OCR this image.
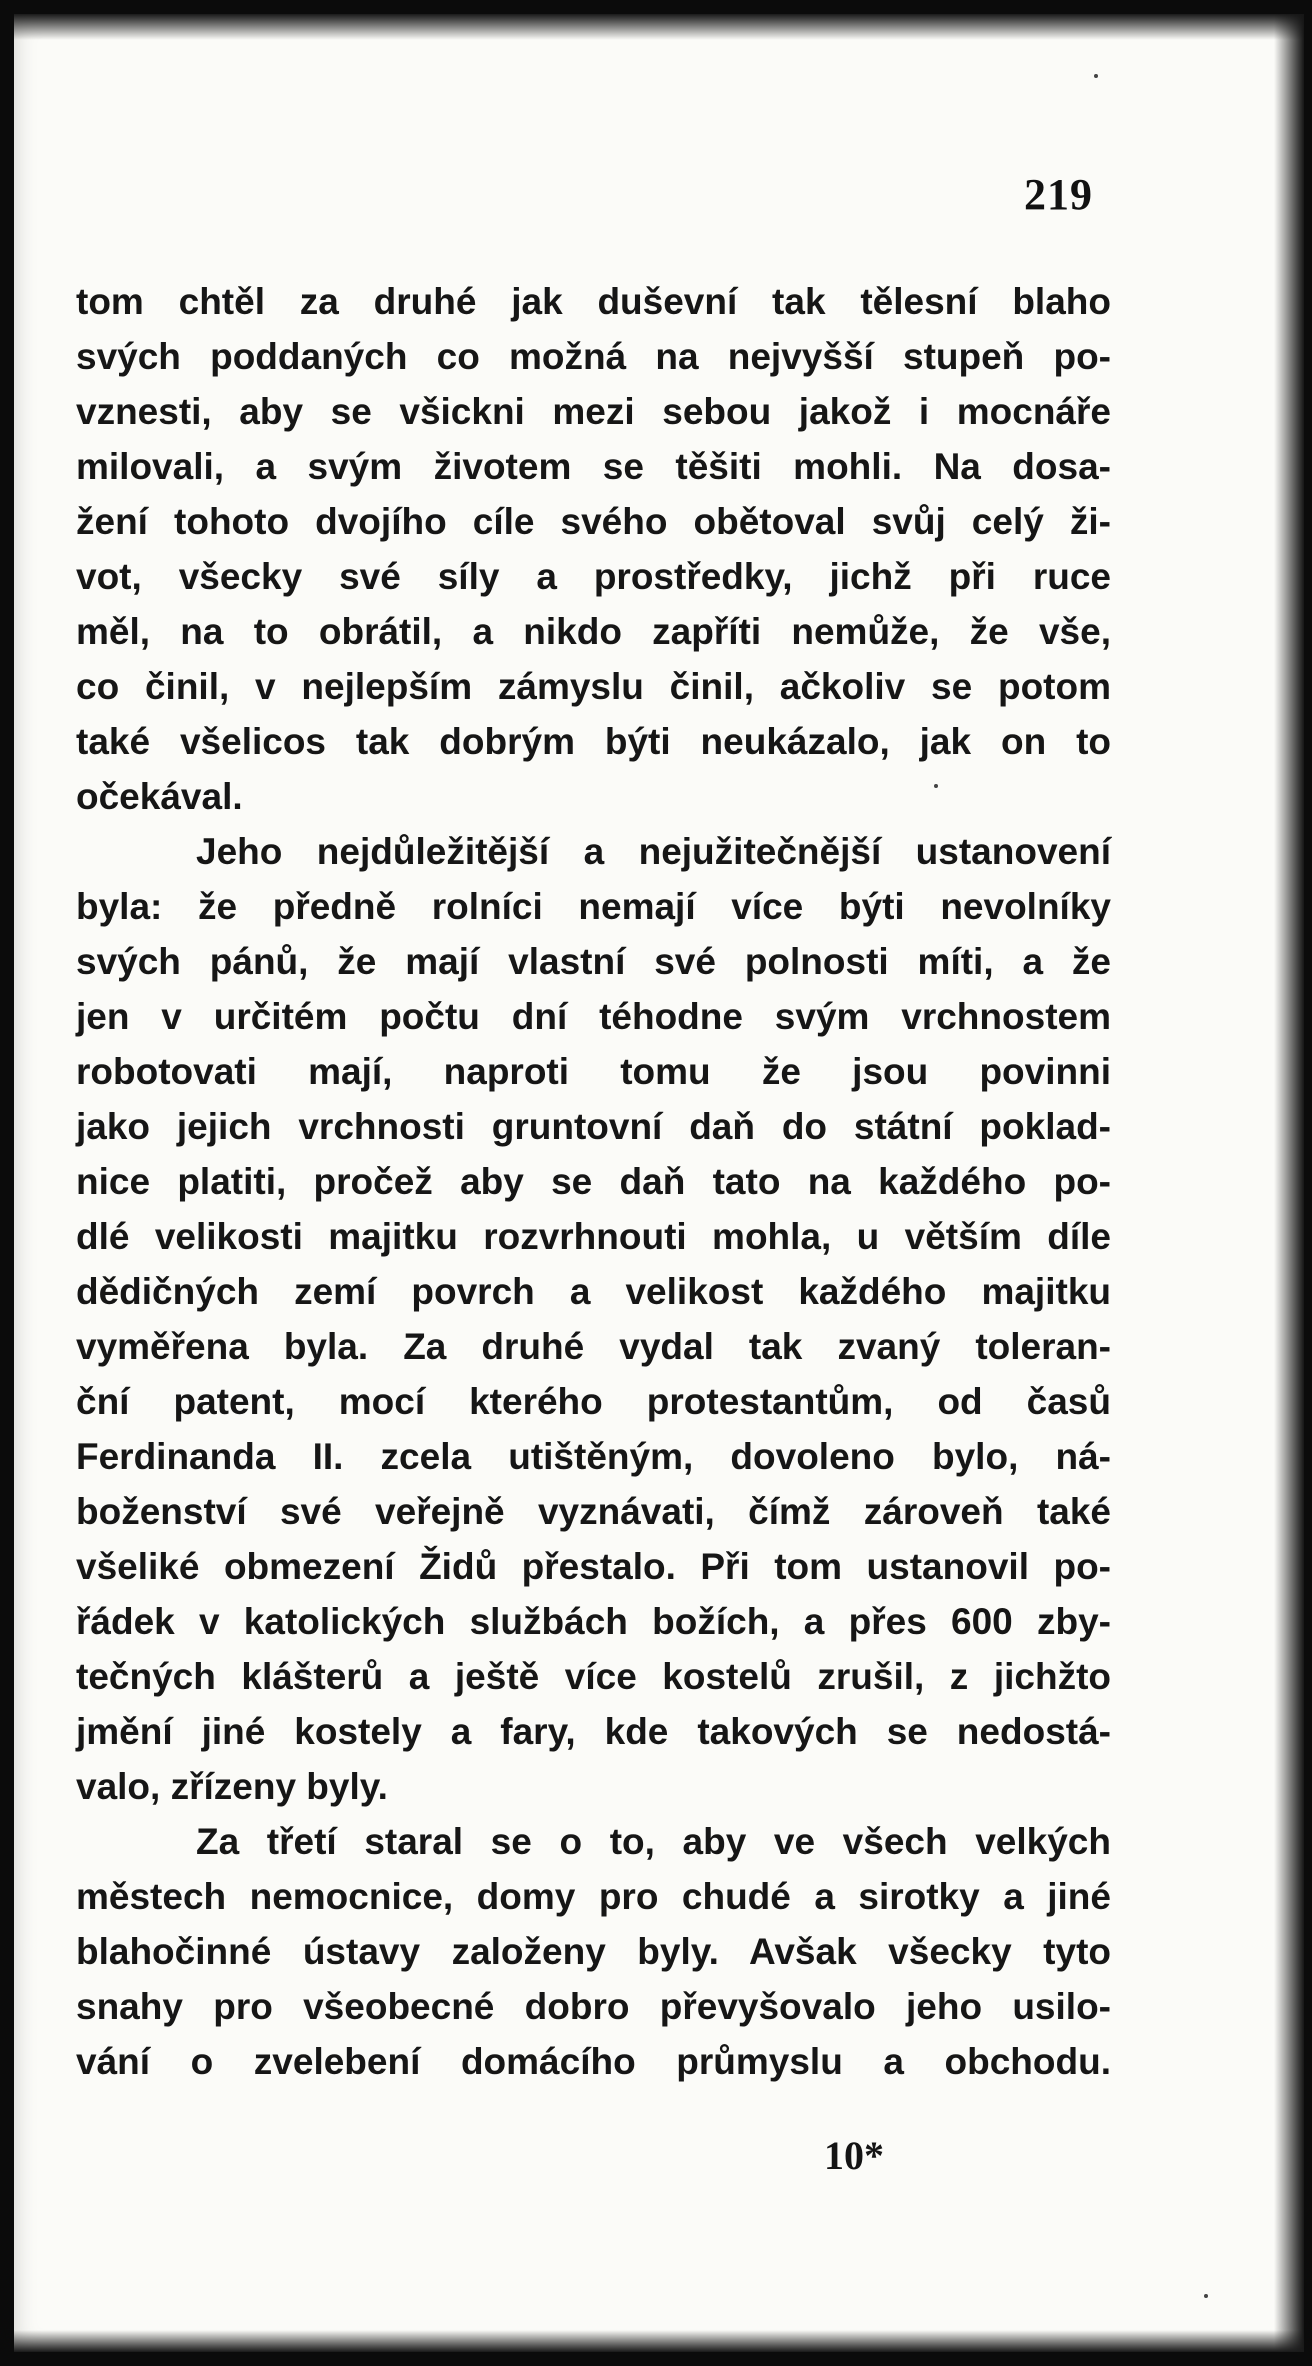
219
tom chtěl za druhé jak duševní tak tělesní blaho
svých poddaných co možná na nejvyšší stupeň po-
vznesti, aby se všickni mezi sebou jakož i mocnáře
milovali, a svým životem se těšiti mohli. Na dosa-
žení tohoto dvojího cíle svého obětoval svůj celý ži-
vot, všecky své síly a prostředky, jichž při ruce
měl, na to obrátil, a nikdo zapříti nemůže, že vše,
co činil, v nejlepším zámyslu činil, ačkoliv se potom
také všelicos tak dobrým býti neukázalo, jak on to
očekával.
Jeho nejdůležitější a nejužitečnější ustanovení
byla: že předně rolníci nemají více býti nevolníky
svých pánů, že mají vlastní své polnosti míti, a že
jen v určitém počtu dní téhodne svým vrchnostem
robotovati mají, naproti tomu že jsou povinni
jako jejich vrchnosti gruntovní daň do státní poklad-
nice platiti, pročež aby se daň tato na každého po-
dlé velikosti majitku rozvrhnouti mohla, u větším díle
dědičných zemí povrch a velikost každého majitku
vyměřena byla. Za druhé vydal tak zvaný toleran-
ční patent, mocí kterého protestantům, od časů
Ferdinanda II. zcela utištěným, dovoleno bylo, ná-
boženství své veřejně vyznávati, čímž zároveň také
všeliké obmezení Židů přestalo. Při tom ustanovil po-
řádek v katolických službách božích, a přes 600 zby-
tečných klášterů a ještě více kostelů zrušil, z jichžto
jmění jiné kostely a fary, kde takových se nedostá-
valo, zřízeny byly.
Za třetí staral se o to, aby ve všech velkých
městech nemocnice, domy pro chudé a sirotky a jiné
blahočinné ústavy založeny byly. Avšak všecky tyto
snahy pro všeobecné dobro převyšovalo jeho usilo-
vání o zvelebení domácího průmyslu a obchodu.
10*
